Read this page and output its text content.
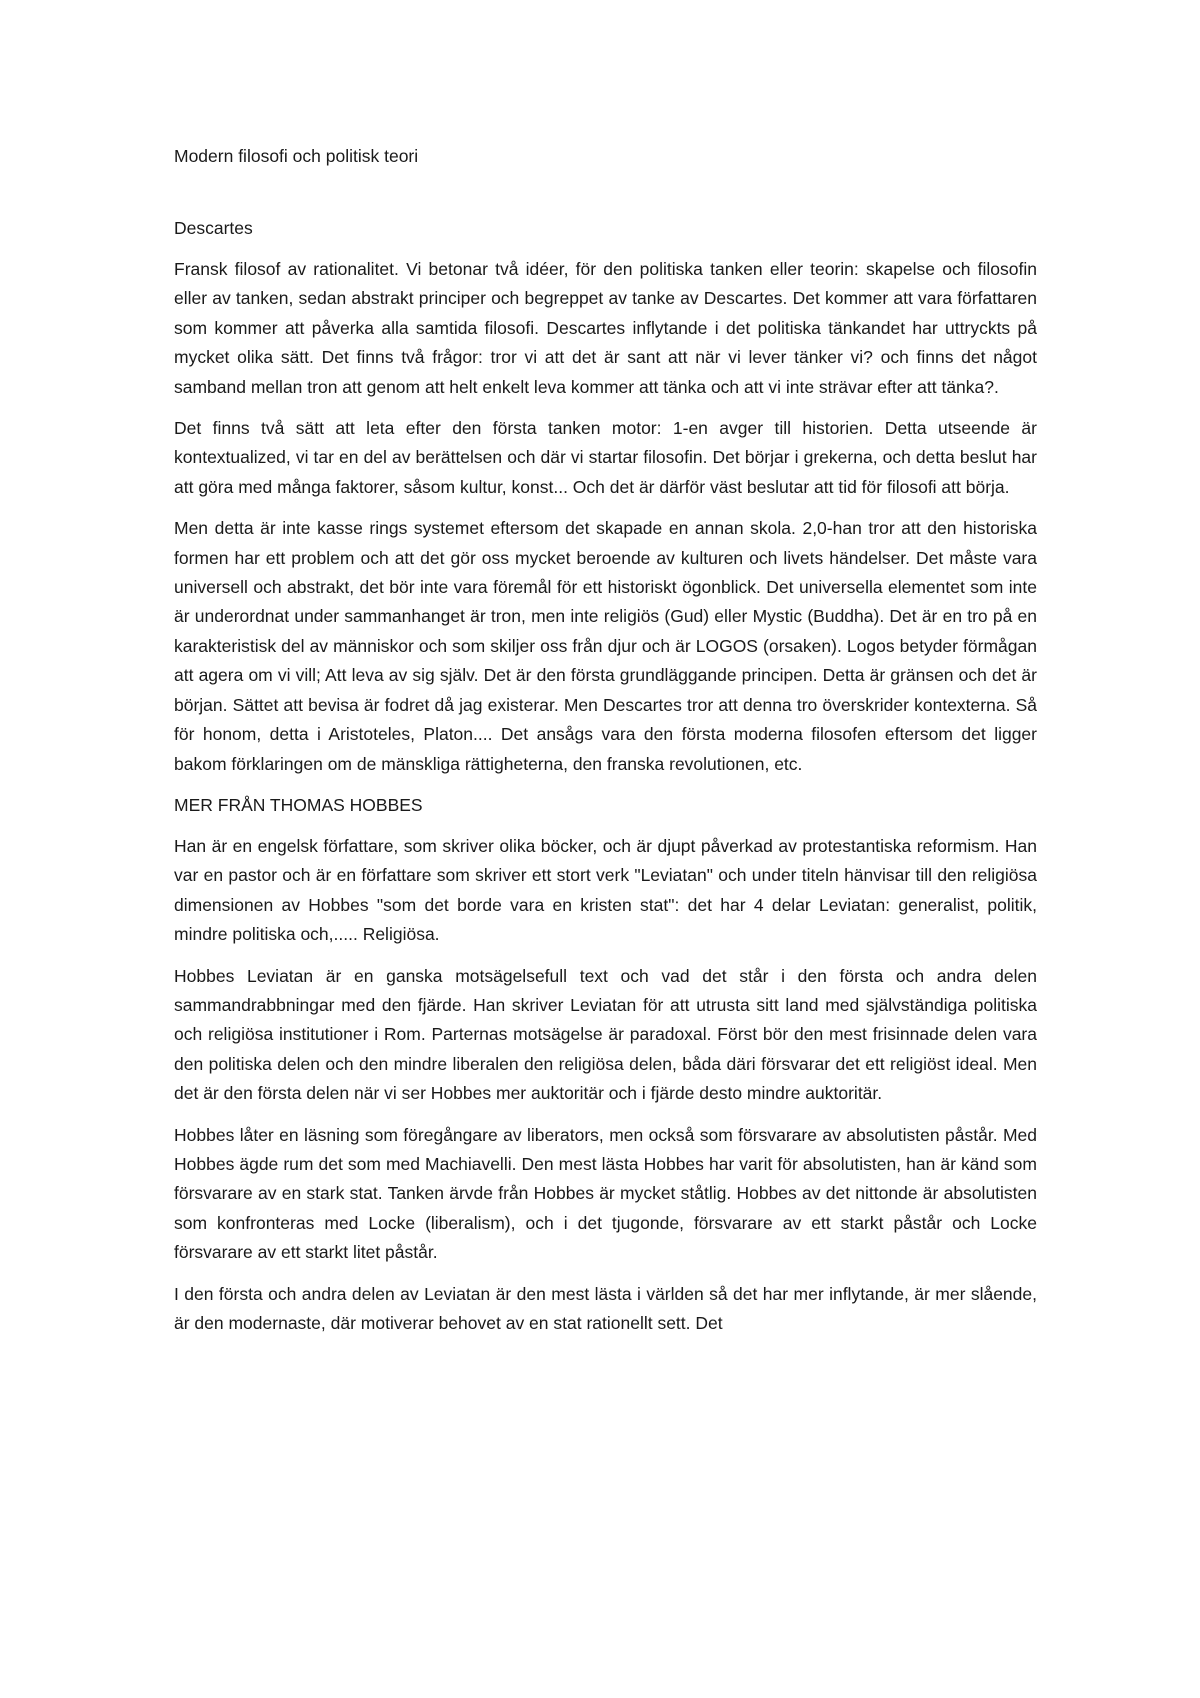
Modern filosofi och politisk teori
Descartes

Fransk filosof av rationalitet. Vi betonar två idéer, för den politiska tanken eller teorin: skapelse och filosofin eller av tanken, sedan abstrakt principer och begreppet av tanke av Descartes. Det kommer att vara författaren som kommer att påverka alla samtida filosofi. Descartes inflytande i det politiska tänkandet har uttryckts på mycket olika sätt. Det finns två frågor: tror vi att det är sant att när vi lever tänker vi? och finns det något samband mellan tron att genom att helt enkelt leva kommer att tänka och att vi inte strävar efter att tänka?.

Det finns två sätt att leta efter den första tanken motor: 1-en avger till historien. Detta utseende är kontextualized, vi tar en del av berättelsen och där vi startar filosofin. Det börjar i grekerna, och detta beslut har att göra med många faktorer, såsom kultur, konst... Och det är därför väst beslutar att tid för filosofi att börja.

Men detta är inte kasse rings systemet eftersom det skapade en annan skola. 2,0-han tror att den historiska formen har ett problem och att det gör oss mycket beroende av kulturen och livets händelser. Det måste vara universell och abstrakt, det bör inte vara föremål för ett historiskt ögonblick. Det universella elementet som inte är underordnat under sammanhanget är tron, men inte religiös (Gud) eller Mystic (Buddha). Det är en tro på en karakteristisk del av människor och som skiljer oss från djur och är LOGOS (orsaken). Logos betyder förmågan att agera om vi vill; Att leva av sig själv. Det är den första grundläggande principen. Detta är gränsen och det är början. Sättet att bevisa är fodret då jag existerar. Men Descartes tror att denna tro överskrider kontexterna. Så för honom, detta i Aristoteles, Platon.... Det ansågs vara den första moderna filosofen eftersom det ligger bakom förklaringen om de mänskliga rättigheterna, den franska revolutionen, etc.

MER FRÅN THOMAS HOBBES

Han är en engelsk författare, som skriver olika böcker, och är djupt påverkad av protestantiska reformism. Han var en pastor och är en författare som skriver ett stort verk "Leviatan" och under titeln hänvisar till den religiösa dimensionen av Hobbes "som det borde vara en kristen stat": det har 4 delar Leviatan: generalist, politik, mindre politiska och,..... Religiösa.

Hobbes Leviatan är en ganska motsägelsefull text och vad det står i den första och andra delen sammandrabbningar med den fjärde. Han skriver Leviatan för att utrusta sitt land med självständiga politiska och religiösa institutioner i Rom. Parternas motsägelse är paradoxal. Först bör den mest frisinnade delen vara den politiska delen och den mindre liberalen den religiösa delen, båda däri försvarar det ett religiöst ideal. Men det är den första delen när vi ser Hobbes mer auktoritär och i fjärde desto mindre auktoritär.

Hobbes låter en läsning som föregångare av liberators, men också som försvarare av absolutisten påstår. Med Hobbes ägde rum det som med Machiavelli. Den mest lästa Hobbes har varit för absolutisten, han är känd som försvarare av en stark stat. Tanken ärvde från Hobbes är mycket ståtlig. Hobbes av det nittonde är absolutisten som konfronteras med Locke (liberalism), och i det tjugonde, försvarare av ett starkt påstår och Locke försvarare av ett starkt litet påstår.

I den första och andra delen av Leviatan är den mest lästa i världen så det har mer inflytande, är mer slående, är den modernaste, där motiverar behovet av en stat rationellt sett. Det
